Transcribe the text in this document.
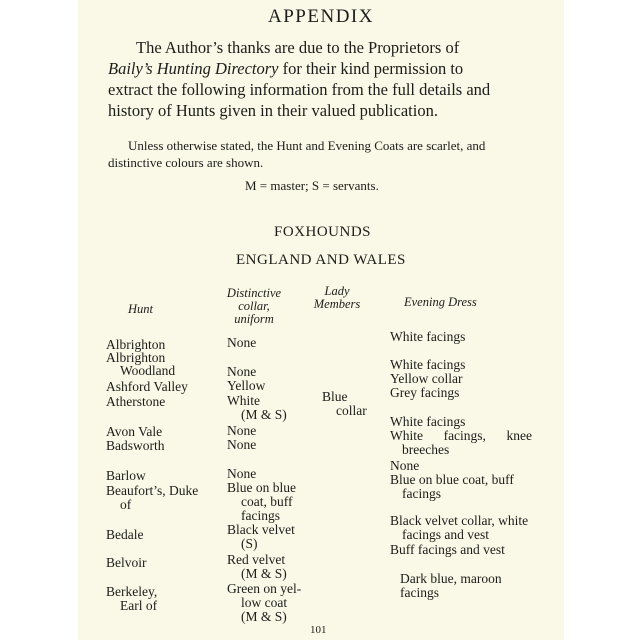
APPENDIX
The Author’s thanks are due to the Proprietors of
Baily’s Hunting Directory for their kind permission to
extract the following information from the full details and
history of Hunts given in their valued publication.
Unless otherwise stated, the Hunt and Evening Coats are scarlet, and
distinctive colours are shown.
M = master; S = servants.
FOXHOUNDS
ENGLAND AND WALES
Hunt
Distinctive
collar,
uniform
Lady
Members	Evening Dress
Albrighton
Albrighton
Woodland
Ashford Valley
Atherstone
Avon Vale
Badsworth
Barlow
Beaufort’s, Duke
of
Bedale
Belvoir
Berkeley,
Earl of
None
None
Yellow
White
(M & S)
None
None
None
Blue on blue
coat, buff
facings
Black velvet
(S)
Red velvet
(M & S)
Green on yel-
low coat
(M & S)
Blue
collar
White facings
White facings
Yellow collar
Grey facings
White facings
White facings, knee
breeches
None
Blue on blue coat, buff
facings
Black velvet collar, white
facings and vest
Buff facings and vest
Dark blue, maroon
facings
101
